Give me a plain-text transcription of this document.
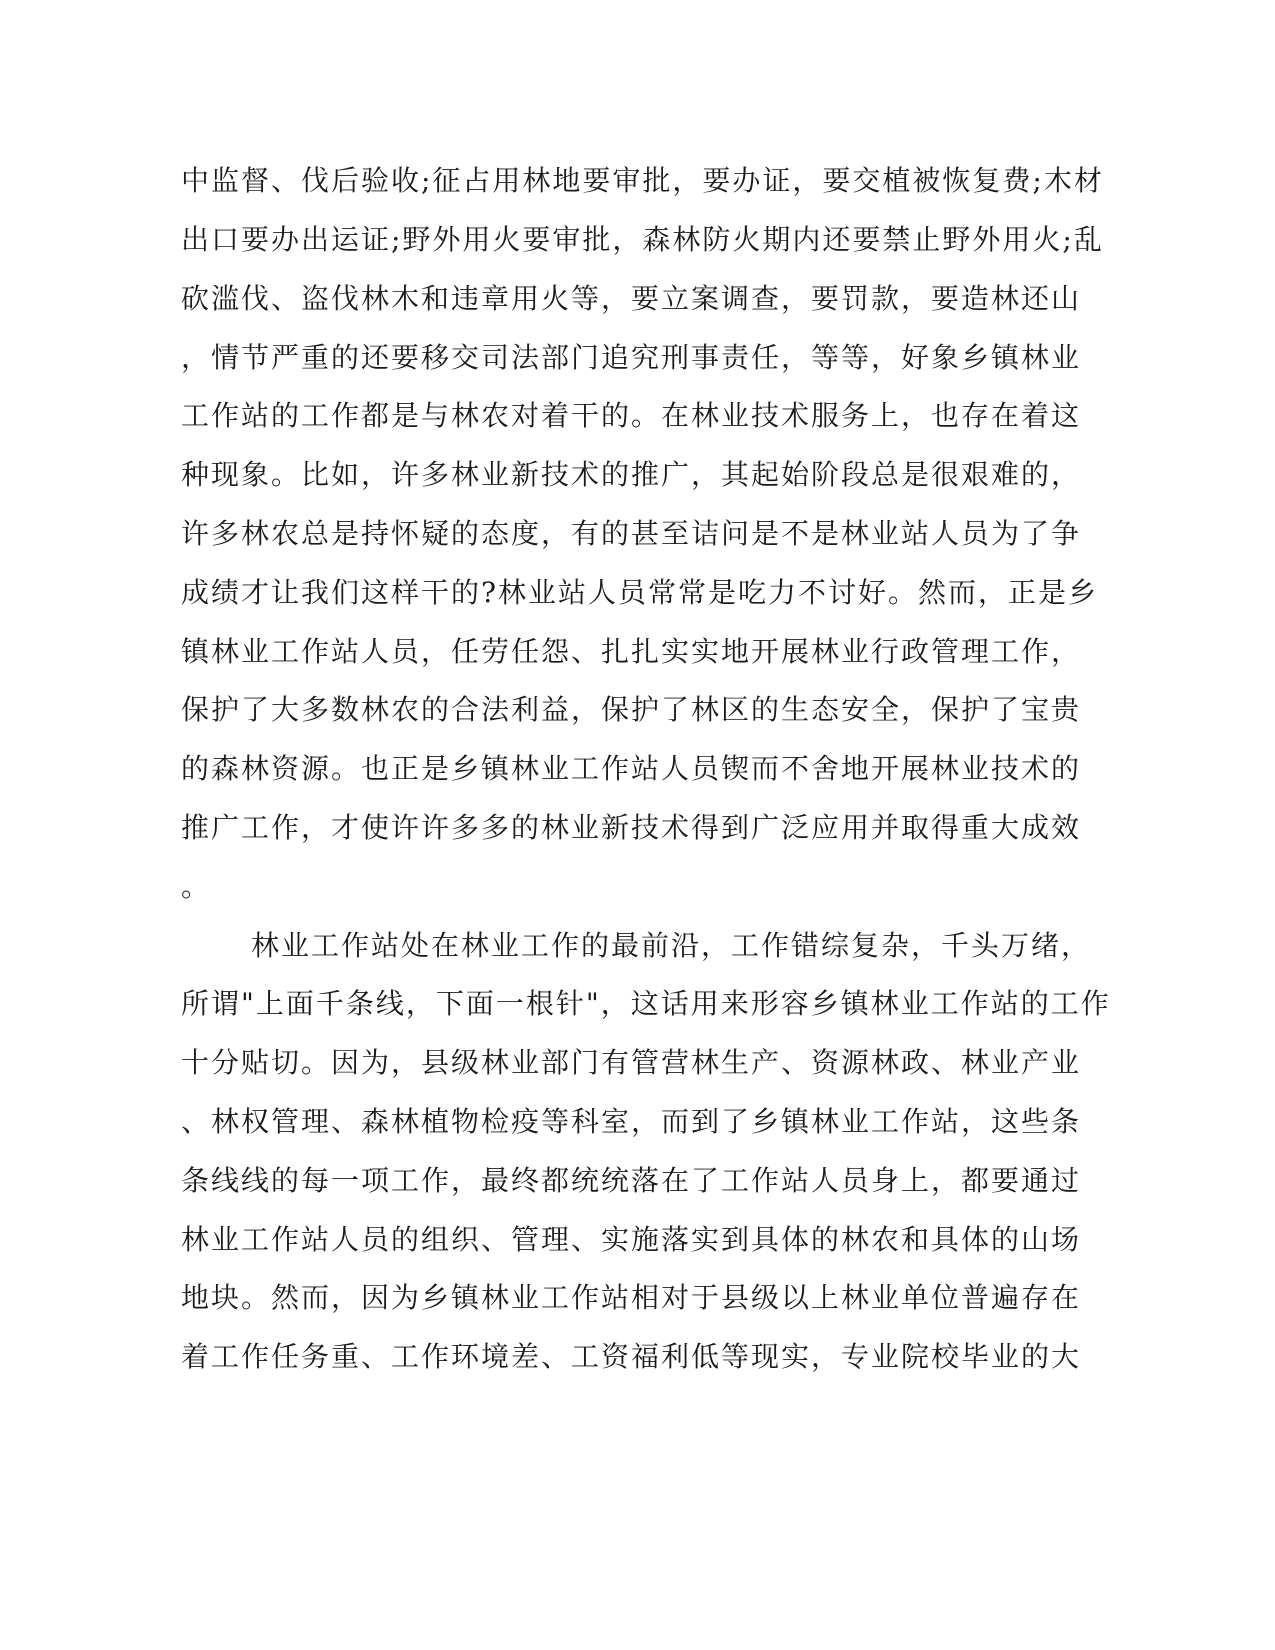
中监督、伐后验收;征占用林地要审批，要办证，要交植被恢复费;木材
出口要办出运证;野外用火要审批，森林防火期内还要禁止野外用火;乱
砍滥伐、盗伐林木和违章用火等，要立案调查，要罚款，要造林还山
，情节严重的还要移交司法部门追究刑事责任，等等，好象乡镇林业
工作站的工作都是与林农对着干的。在林业技术服务上，也存在着这
种现象。比如，许多林业新技术的推广，其起始阶段总是很艰难的，
许多林农总是持怀疑的态度，有的甚至诘问是不是林业站人员为了争
成绩才让我们这样干的?林业站人员常常是吃力不讨好。然而，正是乡
镇林业工作站人员，任劳任怨、扎扎实实地开展林业行政管理工作，
保护了大多数林农的合法利益，保护了林区的生态安全，保护了宝贵
的森林资源。也正是乡镇林业工作站人员锲而不舍地开展林业技术的
推广工作，才使许许多多的林业新技术得到广泛应用并取得重大成效
。
林业工作站处在林业工作的最前沿，工作错综复杂，千头万绪，
所谓"上面千条线，下面一根针"，这话用来形容乡镇林业工作站的工作
十分贴切。因为，县级林业部门有管营林生产、资源林政、林业产业
、林权管理、森林植物检疫等科室，而到了乡镇林业工作站，这些条
条线线的每一项工作，最终都统统落在了工作站人员身上，都要通过
林业工作站人员的组织、管理、实施落实到具体的林农和具体的山场
地块。然而，因为乡镇林业工作站相对于县级以上林业单位普遍存在
着工作任务重、工作环境差、工资福利低等现实，专业院校毕业的大
